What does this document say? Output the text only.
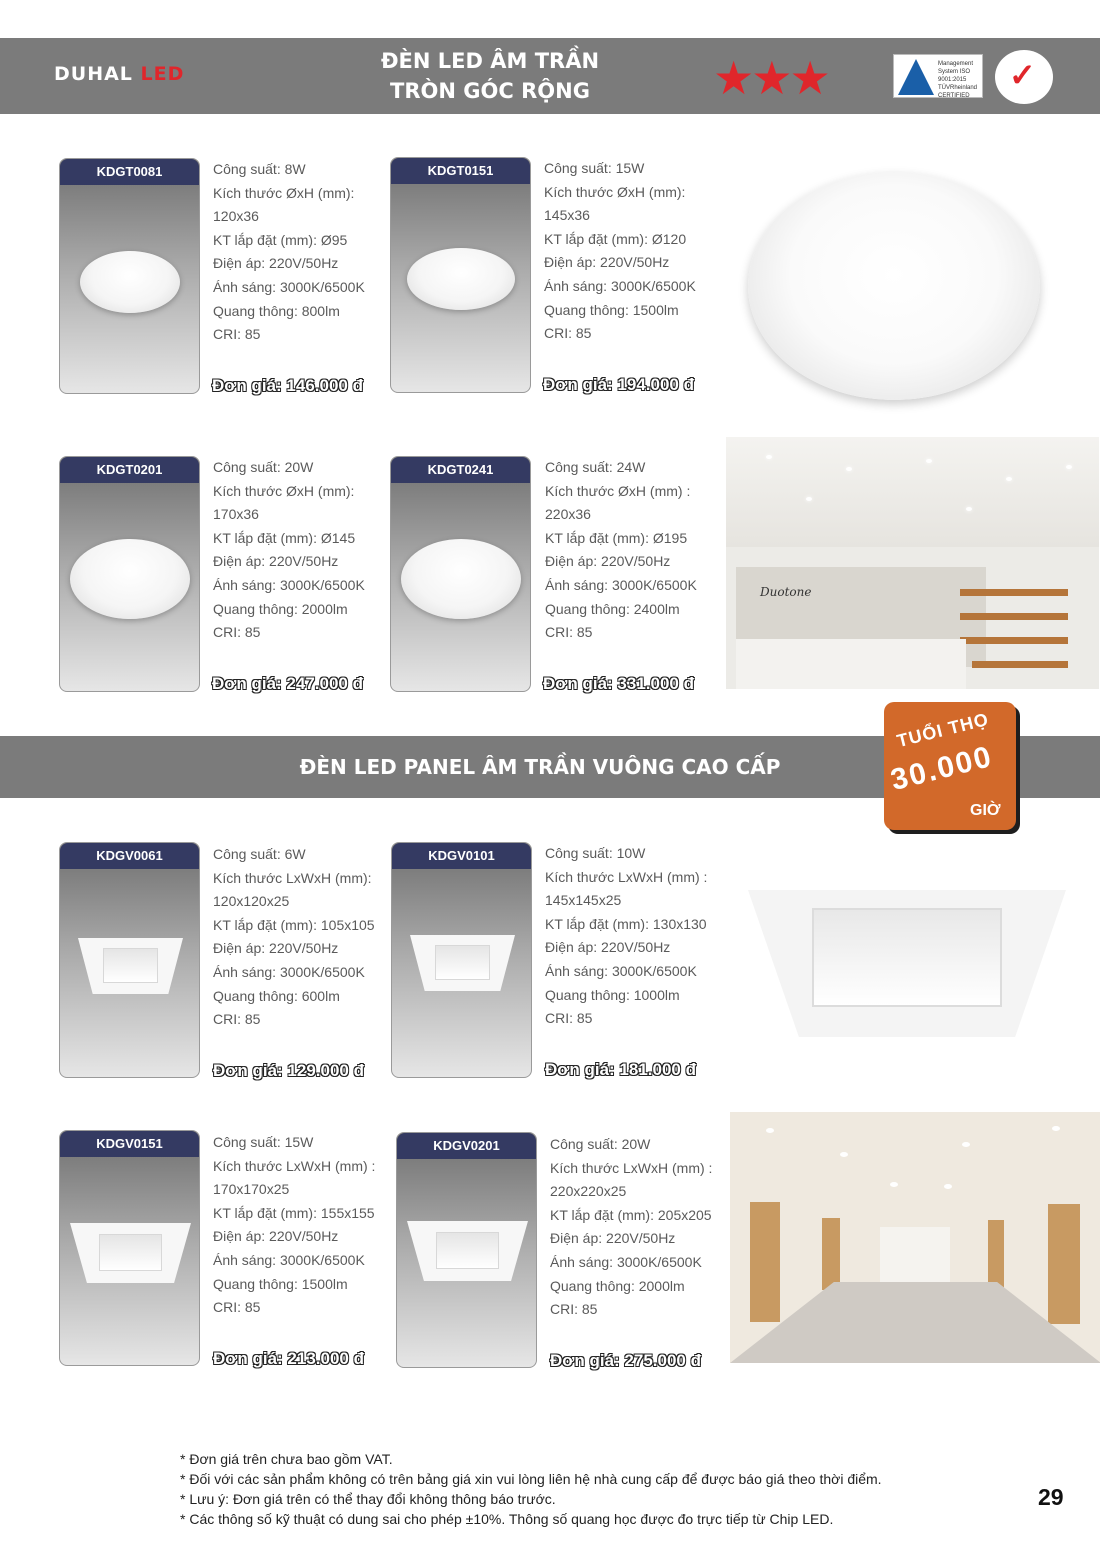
DUHAL LED
ĐÈN LED ÂM TRẦN
TRÒN GÓC RỘNG	★★★	Management System ISO 9001:2015 TÜVRheinland CERTIFIED
✓
KDGT0081	Công suất: 8W

Kích thước ØxH (mm):

120x36

KT lắp đặt (mm): Ø95

Điện áp: 220V/50Hz

Ánh sáng: 3000K/6500K

Quang thông: 800lm

CRI: 85

Đơn giá: 146.000 đ
KDGT0151	Công suất: 15W

Kích thước ØxH (mm):

145x36

KT lắp đặt (mm): Ø120

Điện áp: 220V/50Hz

Ánh sáng: 3000K/6500K

Quang thông: 1500lm

CRI: 85

Đơn giá: 194.000 đ
KDGT0201	Công suất: 20W

Kích thước ØxH (mm):

170x36

KT lắp đặt (mm): Ø145

Điện áp: 220V/50Hz

Ánh sáng: 3000K/6500K

Quang thông: 2000lm

CRI: 85

Đơn giá: 247.000 đ
KDGT0241	Công suất: 24W

Kích thước ØxH (mm) :

220x36

KT lắp đặt (mm): Ø195

Điện áp: 220V/50Hz

Ánh sáng: 3000K/6500K

Quang thông: 2400lm

CRI: 85

Đơn giá: 331.000 đ
Duotone
ĐÈN LED PANEL ÂM TRẦN VUÔNG CAO CẤP
TUỔI THỌ
30.000
GIỜ
KDGV0061	Công suất: 6W

Kích thước LxWxH (mm):

120x120x25

KT lắp đặt (mm): 105x105

Điện áp: 220V/50Hz

Ánh sáng: 3000K/6500K

Quang thông: 600lm

CRI: 85

Đơn giá: 129.000 đ
KDGV0101	Công suất: 10W

Kích thước LxWxH (mm) :

145x145x25

KT lắp đặt (mm): 130x130

Điện áp: 220V/50Hz

Ánh sáng: 3000K/6500K

Quang thông: 1000lm

CRI: 85

Đơn giá: 181.000 đ
KDGV0151	Công suất: 15W

Kích thước LxWxH (mm) :

170x170x25

KT lắp đặt (mm): 155x155

Điện áp: 220V/50Hz

Ánh sáng: 3000K/6500K

Quang thông: 1500lm

CRI: 85

Đơn giá: 213.000 đ
KDGV0201	Công suất: 20W

Kích thước LxWxH (mm) :

220x220x25

KT lắp đặt (mm): 205x205

Điện áp: 220V/50Hz

Ánh sáng: 3000K/6500K

Quang thông: 2000lm

CRI: 85

Đơn giá: 275.000 đ
* Đơn giá trên chưa bao gồm VAT.
* Đối với các sản phẩm không có trên bảng giá xin vui lòng liên hệ nhà cung cấp để được báo giá theo thời điểm.
* Lưu ý: Đơn giá trên có thể thay đổi không thông báo trước.
* Các thông số kỹ thuật có dung sai cho phép ±10%. Thông số quang học được đo trực tiếp từ Chip LED.
29
